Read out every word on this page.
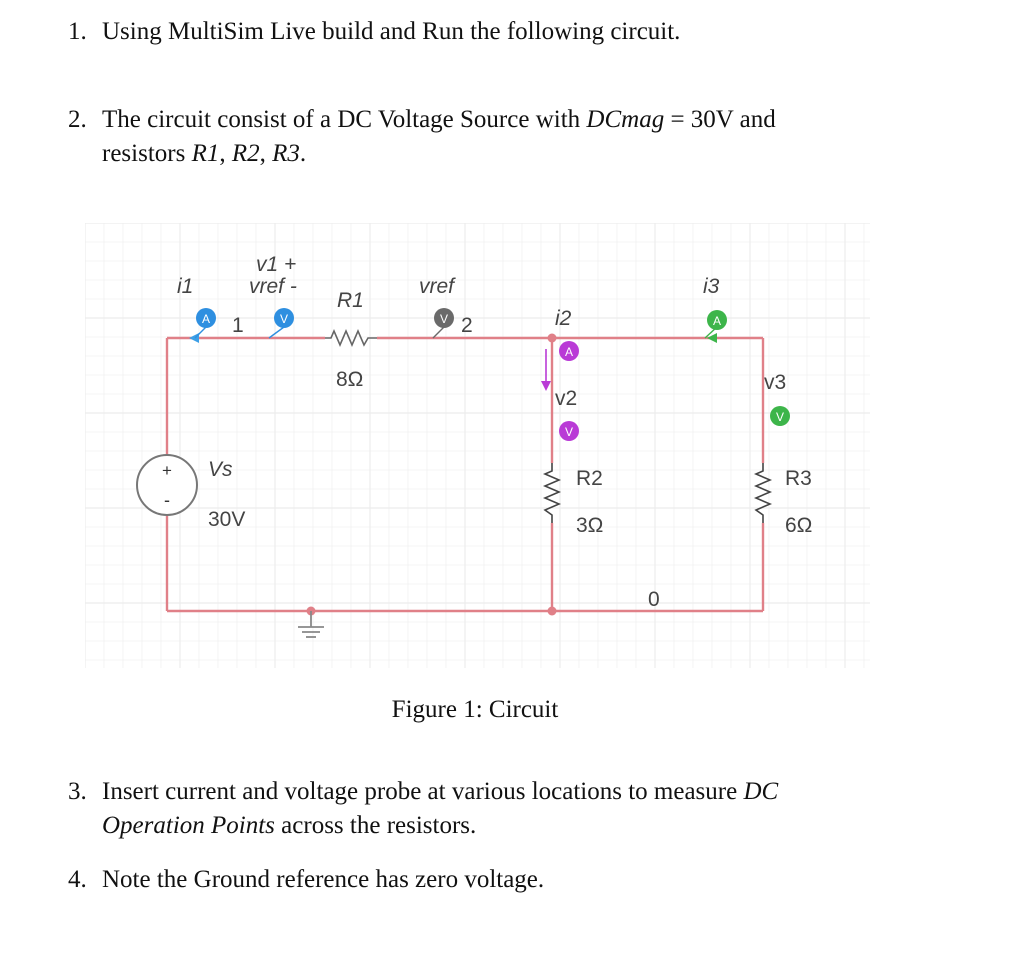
1. Using MultiSim Live build and Run the following circuit.
2. The circuit consist of a DC Voltage Source with DCmag = 30V and
resistors R1, R2, R3.
+
-
A	V	V	A
A
V
V
i1
v1 +
vref -
1
R1
8Ω
vref
2	i2
v2
R2
3Ω
i3
v3
R3
6Ω
Vs
30V
0
Figure 1: Circuit
3. Insert current and voltage probe at various locations to measure DC
Operation Points across the resistors.
4. Note the Ground reference has zero voltage.
